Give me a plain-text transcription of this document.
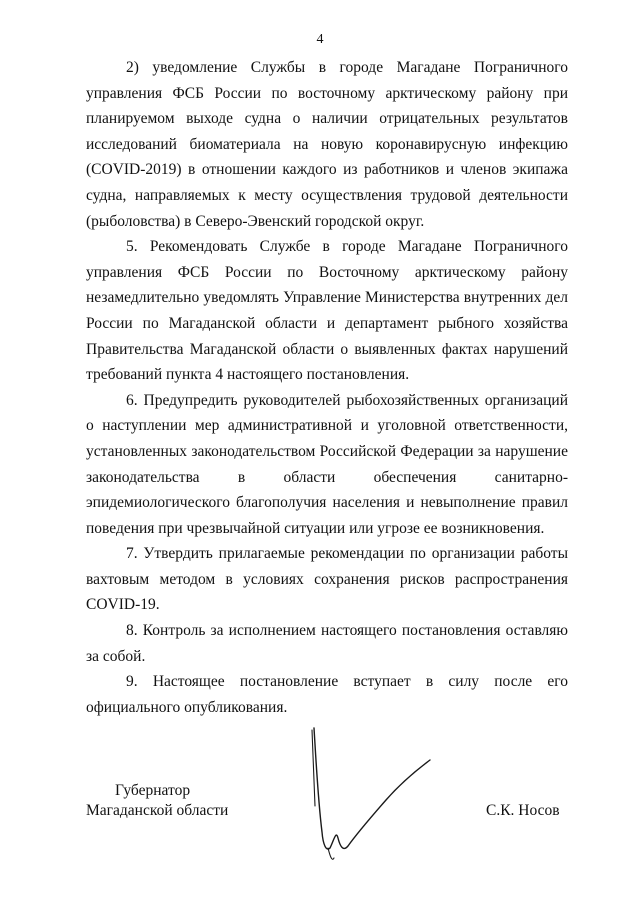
4

2) уведомление Службы в городе Магадане Пограничного управления ФСБ России по восточному арктическому району при планируемом выходе судна о наличии отрицательных результатов исследований биоматериала на новую коронавирусную инфекцию (COVID-2019) в отношении каждого из работников и членов экипажа судна, направляемых к месту осуществления трудовой деятельности (рыболовства) в Северо-Эвенский городской округ.

5. Рекомендовать Службе в городе Магадане Пограничного управления ФСБ России по Восточному арктическому району незамедлительно уведомлять Управление Министерства внутренних дел России по Магаданской области и департамент рыбного хозяйства Правительства Магаданской области о выявленных фактах нарушений требований пункта 4 настоящего постановления.

6. Предупредить руководителей рыбохозяйственных организаций о наступлении мер административной и уголовной ответственности, установленных законодательством Российской Федерации за нарушение законодательства в области обеспечения санитарно-эпидемиологического благополучия населения и невыполнение правил поведения при чрезвычайной ситуации или угрозе ее возникновения.

7. Утвердить прилагаемые рекомендации по организации работы вахтовым методом в условиях сохранения рисков распространения COVID-19.

8. Контроль за исполнением настоящего постановления оставляю за собой.

9. Настоящее постановление вступает в силу после его официального опубликования.

Губернатор
Магаданской области	С.К. Носов
